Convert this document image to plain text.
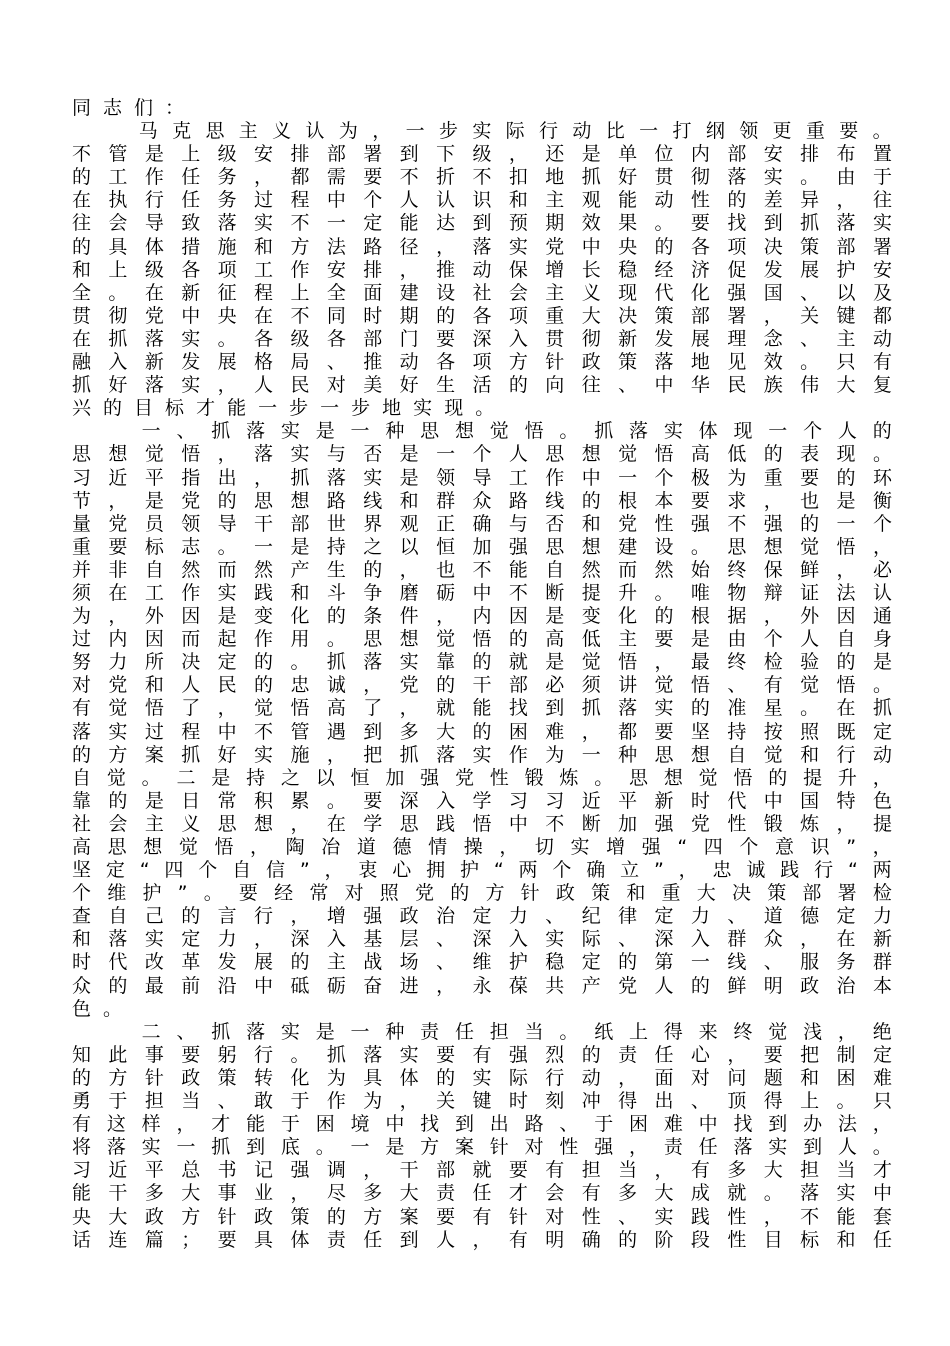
同 志 们 ：

马 克 思 主 义 认 为 ， 一 步 实 际 行 动 比 一 打 纲 领 更 重 要 。
不 管 是 上 级 安 排 部 署 到 下 级 ， 还 是 单 位 内 部 安 排 布 置
的 工 作 任 务 ， 都 需 要 不 折 不 扣 地 抓 好 贯 彻 落 实 。 由 于
在 执 行 任 务 过 程 中 个 人 认 识 和 主 观 能 动 性 的 差 异 ， 往
往 会 导 致 落 实 不 一 定 能 达 到 预 期 效 果 。 要 找 到 抓 落 实
的 具 体 措 施 和 方 法 路 径 ， 落 实 党 中 央 的 各 项 决 策 部 署
和 上 级 各 项 工 作 安 排 ， 推 动 保 增 长 稳 经 济 促 发 展 护 安
全 。 在 新 征 程 上 全 面 建 设 社 会 主 义 现 代 化 强 国 、 以 及
贯 彻 党 中 央 在 不 同 时 期 的 各 项 重 大 决 策 部 署 ， 关 键 都
在 抓 落 实 。 各 级 各 部 门 要 深 入 贯 彻 新 发 展 理 念 、 主 动
融 入 新 发 展 格 局 、 推 动 各 项 方 针 政 策 落 地 见 效 。 只 有
抓 好 落 实 ， 人 民 对 美 好 生 活 的 向 往 、 中 华 民 族 伟 大 复
兴 的 目 标 才 能 一 步 一 步 地 实 现 。

一 、 抓 落 实 是 一 种 思 想 觉 悟 。 抓 落 实 体 现 一 个 人 的
思 想 觉 悟 ， 落 实 与 否 是 一 个 人 思 想 觉 悟 高 低 的 表 现 。
习 近 平 指 出 ， 抓 落 实 是 领 导 工 作 中 一 个 极 为 重 要 的 环
节 ， 是 党 的 思 想 路 线 和 群 众 路 线 的 根 本 要 求 ， 也 是 衡
量 党 员 领 导 干 部 世 界 观 正 确 与 否 和 党 性 强 不 强 的 一 个
重 要 标 志 。 一 是 持 之 以 恒 加 强 思 想 建 设 。 思 想 觉 悟 ，
并 非 自 然 而 然 产 生 的 ， 也 不 能 自 然 而 然 始 终 保 鲜 ， 必
须 在 工 作 实 践 和 斗 争 磨 砺 中 不 断 提 升 。 唯 物 辩 证 法 认
为 ， 外 因 是 变 化 的 条 件 ， 内 因 是 变 化 的 根 据 ， 外 因 通
过 内 因 而 起 作 用 。 思 想 觉 悟 的 高 低 主 要 是 由 个 人 自 身
努 力 所 决 定 的 。 抓 落 实 靠 的 就 是 觉 悟 ， 最 终 检 验 的 是
对 党 和 人 民 的 忠 诚 ， 党 的 干 部 必 须 讲 觉 悟 、 有 觉 悟 。
有 觉 悟 了 ， 觉 悟 高 了 ， 就 能 找 到 抓 落 实 的 准 星 。 在 抓
落 实 过 程 中 不 管 遇 到 多 大 的 困 难 ， 都 要 坚 持 按 照 既 定
的 方 案 抓 好 实 施 ， 把 抓 落 实 作 为 一 种 思 想 自 觉 和 行 动
自 觉 。 二 是 持 之 以 恒 加 强 党 性 锻 炼 。 思 想 觉 悟 的 提 升 ，
靠 的 是 日 常 积 累 。 要 深 入 学 习 习 近 平 新 时 代 中 国 特 色
社 会 主 义 思 想 ， 在 学 思 践 悟 中 不 断 加 强 党 性 锻 炼 ， 提
高 思 想 觉 悟 ， 陶 冶 道 德 情 操 ， 切 实 增 强 “ 四 个 意 识 ” ，
坚 定 “ 四 个 自 信 ” ， 衷 心 拥 护 “ 两 个 确 立 ” ， 忠 诚 践 行 “ 两
个 维 护 ” 。 要 经 常 对 照 党 的 方 针 政 策 和 重 大 决 策 部 署 检
查 自 己 的 言 行 ， 增 强 政 治 定 力 、 纪 律 定 力 、 道 德 定 力
和 落 实 定 力 ， 深 入 基 层 、 深 入 实 际 、 深 入 群 众 ， 在 新
时 代 改 革 发 展 的 主 战 场 、 维 护 稳 定 的 第 一 线 、 服 务 群
众 的 最 前 沿 中 砥 砺 奋 进 ， 永 葆 共 产 党 人 的 鲜 明 政 治 本
色 。

二 、 抓 落 实 是 一 种 责 任 担 当 。 纸 上 得 来 终 觉 浅 ， 绝
知 此 事 要 躬 行 。 抓 落 实 要 有 强 烈 的 责 任 心 ， 要 把 制 定
的 方 针 政 策 转 化 为 具 体 的 实 际 行 动 ， 面 对 问 题 和 困 难
勇 于 担 当 、 敢 于 作 为 ， 关 键 时 刻 冲 得 出 、 顶 得 上 。 只
有 这 样 ， 才 能 于 困 境 中 找 到 出 路 、 于 困 难 中 找 到 办 法 ，
将 落 实 一 抓 到 底 。 一 是 方 案 针 对 性 强 ， 责 任 落 实 到 人 。
习 近 平 总 书 记 强 调 ， 干 部 就 要 有 担 当 ， 有 多 大 担 当 才
能 干 多 大 事 业 ， 尽 多 大 责 任 才 会 有 多 大 成 就 。 落 实 中
央 大 政 方 针 政 策 的 方 案 要 有 针 对 性 、 实 践 性 ， 不 能 套
话 连 篇 ； 要 具 体 责 任 到 人 ， 有 明 确 的 阶 段 性 目 标 和 任
